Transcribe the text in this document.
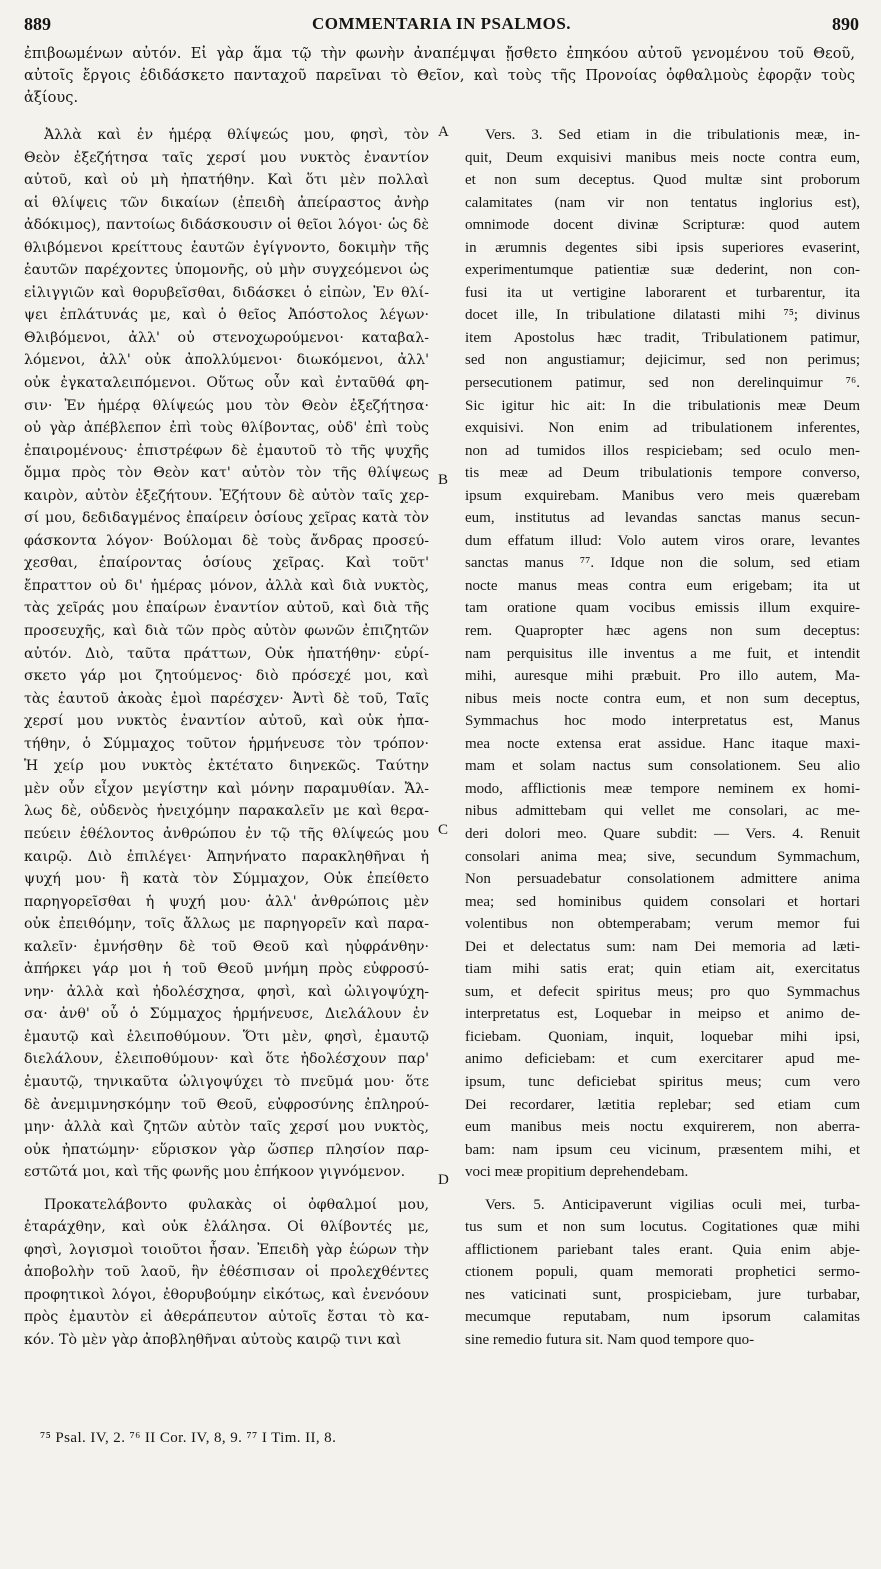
889	COMMENTARIA IN PSALMOS.	890
ἐπιβοωμένων αὐτόν. Εἰ γὰρ ἅμα τῷ τὴν φωνὴν ἀναπέμψαι ᾔσθετο ἐπηκόου αὐτοῦ γενομένου τοῦ Θεοῦ,
αὐτοῖς ἔργοις ἐδιδάσκετο πανταχοῦ παρεῖναι τὸ Θεῖον, καὶ τοὺς τῆς Προνοίας ὀφθαλμοὺς ἐφορᾷν τοὺς
ἀξίους.
Ἀλλὰ καὶ ἐν ἡμέρᾳ θλίψεώς μου, φησὶ, τὸν
Θεὸν ἐξεζήτησα ταῖς χερσί μου νυκτὸς ἐναντίον
αὐτοῦ, καὶ οὐ μὴ ἠπατήθην. Καὶ ὅτι μὲν πολλαὶ
αἱ θλίψεις τῶν δικαίων (ἐπειδὴ ἀπείραστος ἀνὴρ
ἀδόκιμος), παντοίως διδάσκουσιν οἱ θεῖοι λόγοι· ὡς δὲ
θλιβόμενοι κρείττους ἑαυτῶν ἐγίγνοντο, δοκιμὴν τῆς
ἑαυτῶν παρέχοντες ὑπομονῆς, οὐ μὴν συγχεόμενοι ὡς
εἰλιγγιῶν καὶ θορυβεῖσθαι, διδάσκει ὁ εἰπὼν, Ἐν θλί-
ψει ἐπλάτυνάς με, καὶ ὁ θεῖος Ἀπόστολος λέγων·
Θλιβόμενοι, ἀλλ' οὐ στενοχωρούμενοι· καταβαλ-
λόμενοι, ἀλλ' οὐκ ἀπολλύμενοι· διωκόμενοι, ἀλλ'
οὐκ ἐγκαταλειπόμενοι. Οὕτως οὖν καὶ ἐνταῦθά φη-
σιν· Ἐν ἡμέρᾳ θλίψεώς μου τὸν Θεὸν ἐξεζήτησα·
οὐ γὰρ ἀπέβλεπον ἐπὶ τοὺς θλίβοντας, οὐδ' ἐπὶ τοὺς
ἐπαιρομένους· ἐπιστρέφων δὲ ἐμαυτοῦ τὸ τῆς ψυχῆς
ὄμμα πρὸς τὸν Θεὸν κατ' αὐτὸν τὸν τῆς θλίψεως
καιρὸν, αὐτὸν ἐξεζήτουν. Ἐζήτουν δὲ αὐτὸν ταῖς χερ-
σί μου, δεδιδαγμένος ἐπαίρειν ὁσίους χεῖρας κατὰ τὸν
φάσκοντα λόγον· Βούλομαι δὲ τοὺς ἄνδρας προσεύ-
χεσθαι, ἐπαίροντας ὁσίους χεῖρας. Καὶ τοῦτ'
ἔπραττον οὐ δι' ἡμέρας μόνον, ἀλλὰ καὶ διὰ νυκτὸς,
τὰς χεῖράς μου ἐπαίρων ἐναντίον αὐτοῦ, καὶ διὰ τῆς
προσευχῆς, καὶ διὰ τῶν πρὸς αὐτὸν φωνῶν ἐπιζητῶν
αὐτόν. Διὸ, ταῦτα πράττων, Οὐκ ἠπατήθην· εὑρί-
σκετο γάρ μοι ζητούμενος· διὸ πρόσεχέ μοι, καὶ
τὰς ἑαυτοῦ ἀκοὰς ἐμοὶ παρέσχεν· Ἀντὶ δὲ τοῦ, Ταῖς
χερσί μου νυκτὸς ἐναντίον αὐτοῦ, καὶ οὐκ ἠπα-
τήθην, ὁ Σύμμαχος τοῦτον ἡρμήνευσε τὸν τρόπον·
Ἡ χείρ μου νυκτὸς ἐκτέτατο διηνεκῶς. Ταύτην
μὲν οὖν εἶχον μεγίστην καὶ μόνην παραμυθίαν. Ἄλ-
λως δὲ, οὐδενὸς ἠνειχόμην παρακαλεῖν με καὶ θερα-
πεύειν ἐθέλοντος ἀνθρώπου ἐν τῷ τῆς θλίψεώς μου
καιρῷ. Διὸ ἐπιλέγει· Ἀπηνήνατο παρακληθῆναι ἡ
ψυχή μου· ἢ κατὰ τὸν Σύμμαχον, Οὐκ ἐπείθετο
παρηγορεῖσθαι ἡ ψυχή μου· ἀλλ' ἀνθρώποις μὲν
οὐκ ἐπειθόμην, τοῖς ἄλλως με παρηγορεῖν καὶ παρα-
καλεῖν· ἐμνήσθην δὲ τοῦ Θεοῦ καὶ ηὐφράνθην·
ἀπήρκει γάρ μοι ἡ τοῦ Θεοῦ μνήμη πρὸς εὐφροσύ-
νην· ἀλλὰ καὶ ἠδολέσχησα, φησὶ, καὶ ὠλιγοψύχη-
σα· ἀνθ' οὗ ὁ Σύμμαχος ἡρμήνευσε, Διελάλουν ἐν
ἐμαυτῷ καὶ ἐλειποθύμουν. Ὅτι μὲν, φησὶ, ἐμαυτῷ
διελάλουν, ἐλειποθύμουν· καὶ ὅτε ἠδολέσχουν παρ'
ἐμαυτῷ, τηνικαῦτα ὠλιγοψύχει τὸ πνεῦμά μου· ὅτε
δὲ ἀνεμιμνησκόμην τοῦ Θεοῦ, εὐφροσύνης ἐπληρού-
μην· ἀλλὰ καὶ ζητῶν αὐτὸν ταῖς χερσί μου νυκτὸς,
οὐκ ἠπατώμην· εὕρισκον γὰρ ὥσπερ πλησίον παρ-
εστῶτά μοι, καὶ τῆς φωνῆς μου ἐπήκοον γιγνόμενον.
Προκατελάβοντο φυλακὰς οἱ ὀφθαλμοί μου,
ἐταράχθην, καὶ οὐκ ἐλάλησα. Οἱ θλίβοντές με,
φησὶ, λογισμοὶ τοιοῦτοι ἦσαν. Ἐπειδὴ γὰρ ἑώρων τὴν
ἀποβολὴν τοῦ λαοῦ, ἣν ἐθέσπισαν οἱ προλεχθέντες
προφητικοὶ λόγοι, ἐθορυβούμην εἰκότως, καὶ ἐνενόουν
πρὸς ἐμαυτὸν εἰ ἀθεράπευτον αὐτοῖς ἔσται τὸ κα-
κόν. Τὸ μὲν γὰρ ἀποβληθῆναι αὐτοὺς καιρῷ τινι καὶ
Vers. 3. Sed etiam in die tribulationis meæ, in-
quit, Deum exquisivi manibus meis nocte contra eum,
et non sum deceptus. Quod multæ sint proborum
calamitates (nam vir non tentatus inglorius est),
omnimode docent divinæ Scripturæ: quod autem
in ærumnis degentes sibi ipsis superiores evaserint,
experimentumque patientiæ suæ dederint, non con-
fusi ita ut vertigine laborarent et turbarentur, ita
docet ille, In tribulatione dilatasti mihi ⁷⁵; divinus
item Apostolus hæc tradit, Tribulationem patimur,
sed non angustiamur; dejicimur, sed non perimus;
persecutionem patimur, sed non derelinquimur ⁷⁶.
Sic igitur hic ait: In die tribulationis meæ Deum
exquisivi. Non enim ad tribulationem inferentes,
non ad tumidos illos respiciebam; sed oculo men-
tis meæ ad Deum tribulationis tempore converso,
ipsum exquirebam. Manibus vero meis quærebam
eum, institutus ad levandas sanctas manus secun-
dum effatum illud: Volo autem viros orare, levantes
sanctas manus ⁷⁷. Idque non die solum, sed etiam
nocte manus meas contra eum erigebam; ita ut
tam oratione quam vocibus emissis illum exquire-
rem. Quapropter hæc agens non sum deceptus:
nam perquisitus ille inventus a me fuit, et intendit
mihi, auresque mihi præbuit. Pro illo autem, Ma-
nibus meis nocte contra eum, et non sum deceptus,
Symmachus hoc modo interpretatus est, Manus
mea nocte extensa erat assidue. Hanc itaque maxi-
mam et solam nactus sum consolationem. Seu alio
modo, afflictionis meæ tempore neminem ex homi-
nibus admittebam qui vellet me consolari, ac me-
deri dolori meo. Quare subdit: — Vers. 4. Renuit
consolari anima mea; sive, secundum Symmachum,
Non persuadebatur consolationem admittere anima
mea; sed hominibus quidem consolari et hortari
volentibus non obtemperabam; verum memor fui
Dei et delectatus sum: nam Dei memoria ad læti-
tiam mihi satis erat; quin etiam ait, exercitatus
sum, et defecit spiritus meus; pro quo Symmachus
interpretatus est, Loquebar in meipso et animo de-
ficiebam. Quoniam, inquit, loquebar mihi ipsi,
animo deficiebam: et cum exercitarer apud me-
ipsum, tunc deficiebat spiritus meus; cum vero
Dei recordarer, lætitia replebar; sed etiam cum
eum manibus meis noctu exquirerem, non aberra-
bam: nam ipsum ceu vicinum, præsentem mihi, et
voci meæ propitium deprehendebam.
Vers. 5. Anticipaverunt vigilias oculi mei, turba-
tus sum et non sum locutus. Cogitationes quæ mihi
afflictionem pariebant tales erant. Quia enim abje-
ctionem populi, quam memorati prophetici sermo-
nes vaticinati sunt, prospiciebam, jure turbabar,
mecumque reputabam, num ipsorum calamitas
sine remedio futura sit. Nam quod tempore quo-
A
B
C
D
⁷⁵ Psal. IV, 2. ⁷⁶ II Cor. IV, 8, 9. ⁷⁷ I Tim. II, 8.
